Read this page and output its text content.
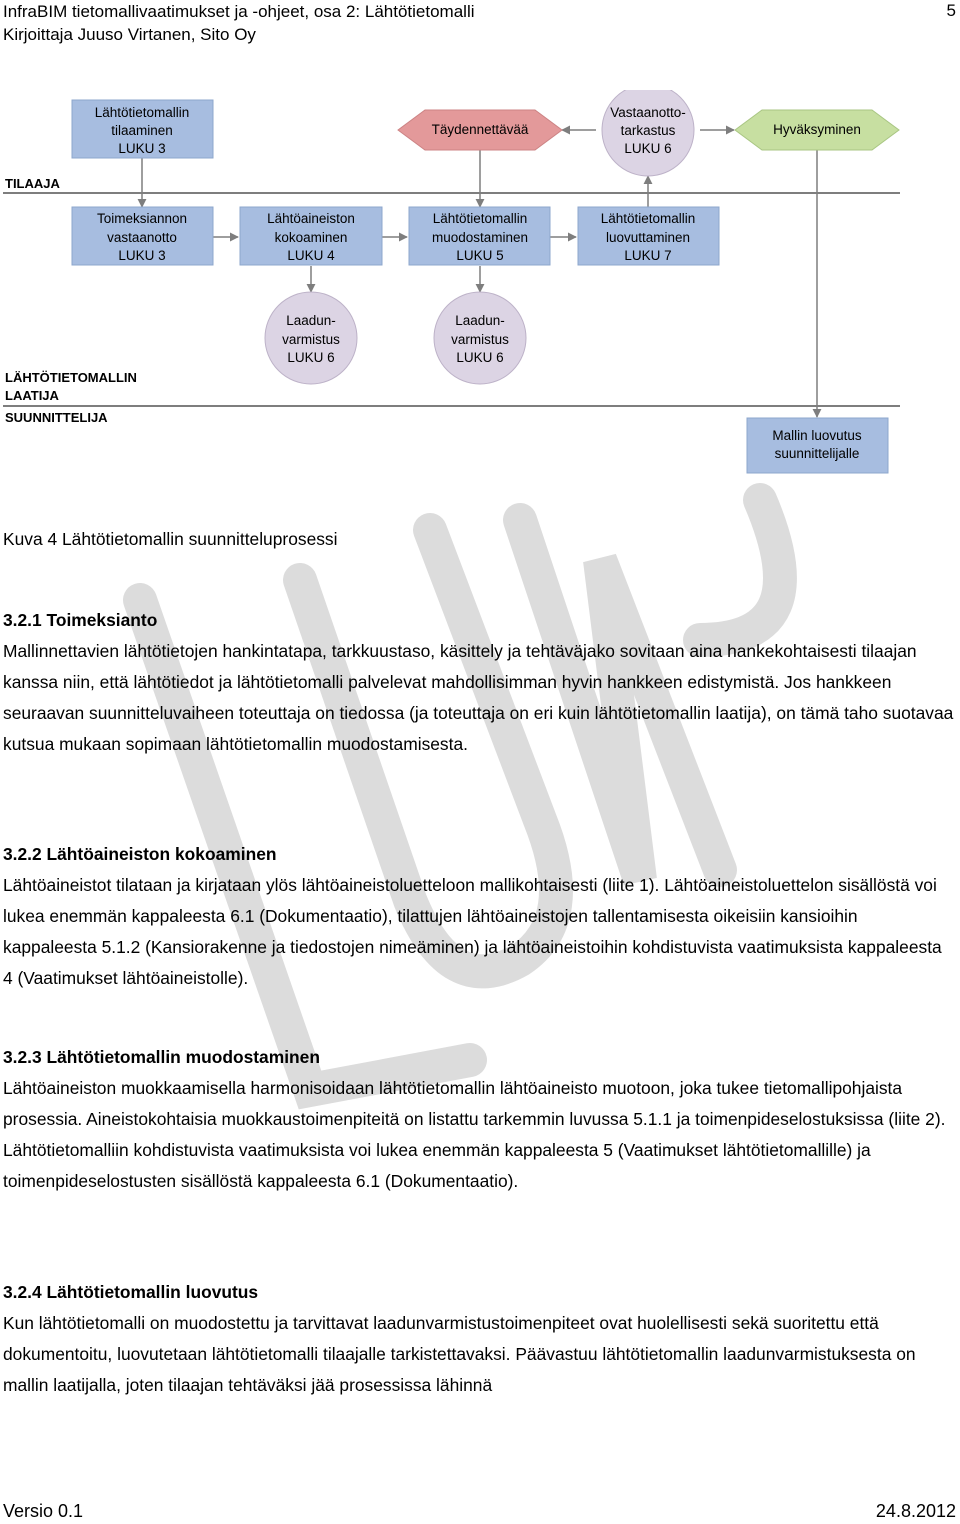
InfraBIM tietomallivaatimukset ja -ohjeet, osa 2: Lähtötietomalli
Kirjoittaja Juuso Virtanen, Sito Oy
5
TILAAJA
LÄHTÖTIETOMALLIN
LAATIJA
SUUNNITTELIJA
Lähtötietomallin
tilaaminen
LUKU 3
Toimeksiannon
vastaanotto
LUKU 3
Lähtöaineiston
kokoaminen
LUKU 4
Lähtötietomallin
muodostaminen
LUKU 5
Lähtötietomallin
luovuttaminen
LUKU 7
Mallin luovutus
suunnittelijalle
Täydennettävää	Hyväksyminen
Vastaanotto-
tarkastus
LUKU 6
Laadun-
varmistus
LUKU 6
Laadun-
varmistus
LUKU 6
Kuva 4 Lähtötietomallin suunnitteluprosessi

3.2.1 Toimeksianto

Mallinnettavien lähtötietojen hankintatapa, tarkkuustaso, käsittely ja tehtäväjako sovitaan aina hankekohtaisesti tilaajan kanssa niin, että lähtötiedot ja lähtötietomalli palvelevat mahdollisimman hyvin hankkeen edistymistä. Jos hankkeen seuraavan suunnitteluvaiheen toteuttaja on tiedossa (ja toteuttaja on eri kuin lähtötietomallin laatija), on tämä taho suotavaa kutsua mukaan sopimaan lähtötietomallin muodostamisesta.

3.2.2 Lähtöaineiston kokoaminen

Lähtöaineistot tilataan ja kirjataan ylös lähtöaineistoluetteloon mallikohtaisesti (liite 1). Lähtöaineistoluettelon sisällöstä voi lukea enemmän kappaleesta 6.1 (Dokumentaatio), tilattujen lähtöaineistojen tallentamisesta oikeisiin kansioihin kappaleesta 5.1.2 (Kansiorakenne ja tiedostojen nimeäminen) ja lähtöaineistoihin kohdistuvista vaatimuksista kappaleesta 4 (Vaatimukset lähtöaineistolle).

3.2.3 Lähtötietomallin muodostaminen

Lähtöaineiston muokkaamisella harmonisoidaan lähtötietomallin lähtöaineisto muotoon, joka tukee tietomallipohjaista prosessia. Aineistokohtaisia muokkaustoimenpiteitä on listattu tarkemmin luvussa 5.1.1 ja toimenpideselostuksissa (liite 2). Lähtötietomalliin kohdistuvista vaatimuksista voi lukea enemmän kappaleesta 5 (Vaatimukset lähtötietomallille) ja toimenpideselostusten sisällöstä kappaleesta 6.1 (Dokumentaatio).

3.2.4 Lähtötietomallin luovutus

Kun lähtötietomalli on muodostettu ja tarvittavat laadunvarmistustoimenpiteet ovat huolellisesti sekä suoritettu että dokumentoitu, luovutetaan lähtötietomalli tilaajalle tarkistettavaksi. Päävastuu lähtötietomallin laadunvarmistuksesta on mallin laatijalla, joten tilaajan tehtäväksi jää prosessissa lähinnä

Versio 0.1	24.8.2012
